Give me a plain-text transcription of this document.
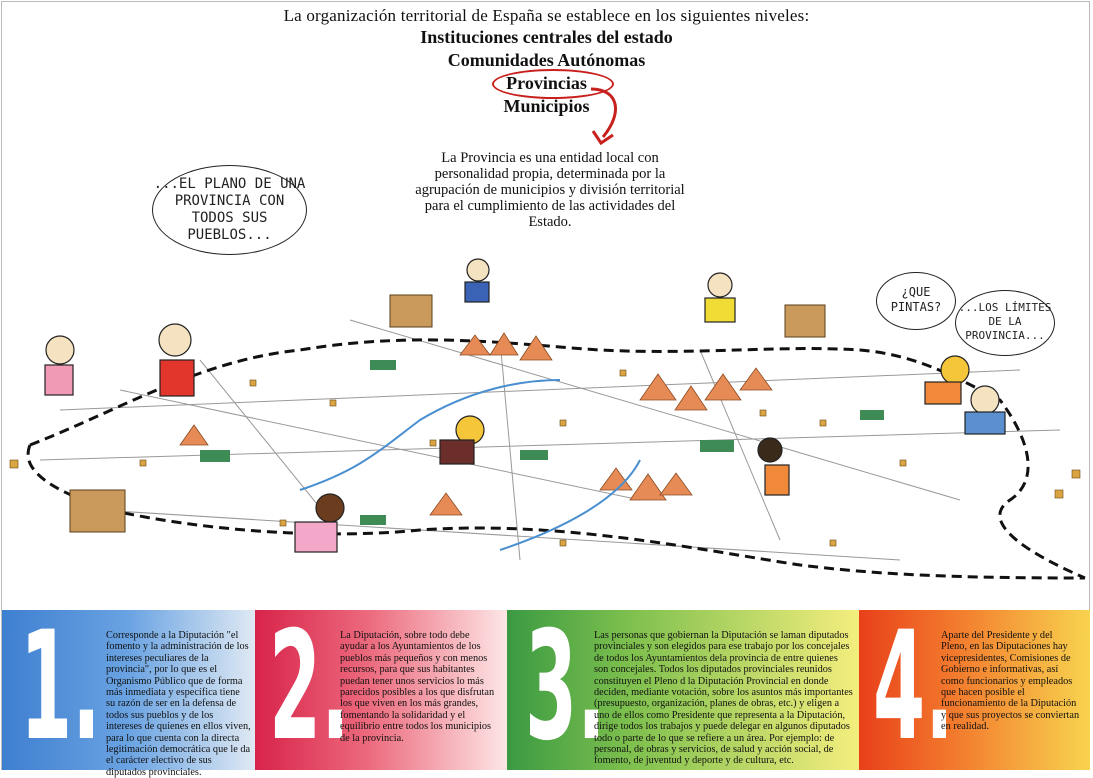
La organización territorial de España se establece en los siguientes niveles:
Instituciones centrales del estado
Comunidades Autónomas
Provincias
Municipios
La Provincia es una entidad local con personalidad propia, determinada por la agrupación de municipios y división territorial para el cumplimiento de las actividades del Estado.
...EL PLANO DE UNA PROVINCIA CON TODOS SUS PUEBLOS...
¿QUE PINTAS?	...LOS LÍMITES DE LA PROVINCIA...
1. Corresponde a la Diputación "el fomento y la administración de los intereses peculiares de la provincia", por lo que es el Organismo Público que de forma más inmediata y específica tiene su razón de ser en la defensa de todos sus pueblos y de los intereses de quienes en ellos viven, para lo que cuenta con la directa legitimación democrática que le da el carácter electivo de sus diputados provinciales. 2.
La Diputación, sobre todo debe ayudar a los Ayuntamientos de los pueblos más pequeños y con menos recursos, para que sus habitantes puedan tener unos servicios lo más parecidos posibles a los que disfrutan los que viven en los más grandes, fomentando la solidaridad y el equilibrio entre todos los municipios de la provincia. 3.
Las personas que gobiernan la Diputación se laman diputados provinciales y son elegidos para ese trabajo por los concejales de todos los Ayuntamientos dela provincia de entre quienes son concejales. Todos los diputados provinciales reunidos constituyen el Pleno d la Diputación Provincial en donde deciden, mediante votación, sobre los asuntos más importantes (presupuesto, organización, planes de obras, etc.) y eligen a uno de ellos como Presidente que representa a la Diputación, dirige todos los trabajos y puede delegar en algunos diputados todo o parte de lo que se refiere a un área. Por ejemplo: de personal, de obras y servicios, de salud y acción social, de fomento, de juventud y deporte y de cultura, etc. 4.
Aparte del Presidente y del Pleno, en las Diputaciones hay vicepresidentes, Comisiones de Gobierno e informativas, así como funcionarios y empleados que hacen posible el funcionamiento de la Diputación y que sus proyectos se conviertan en realidad.
